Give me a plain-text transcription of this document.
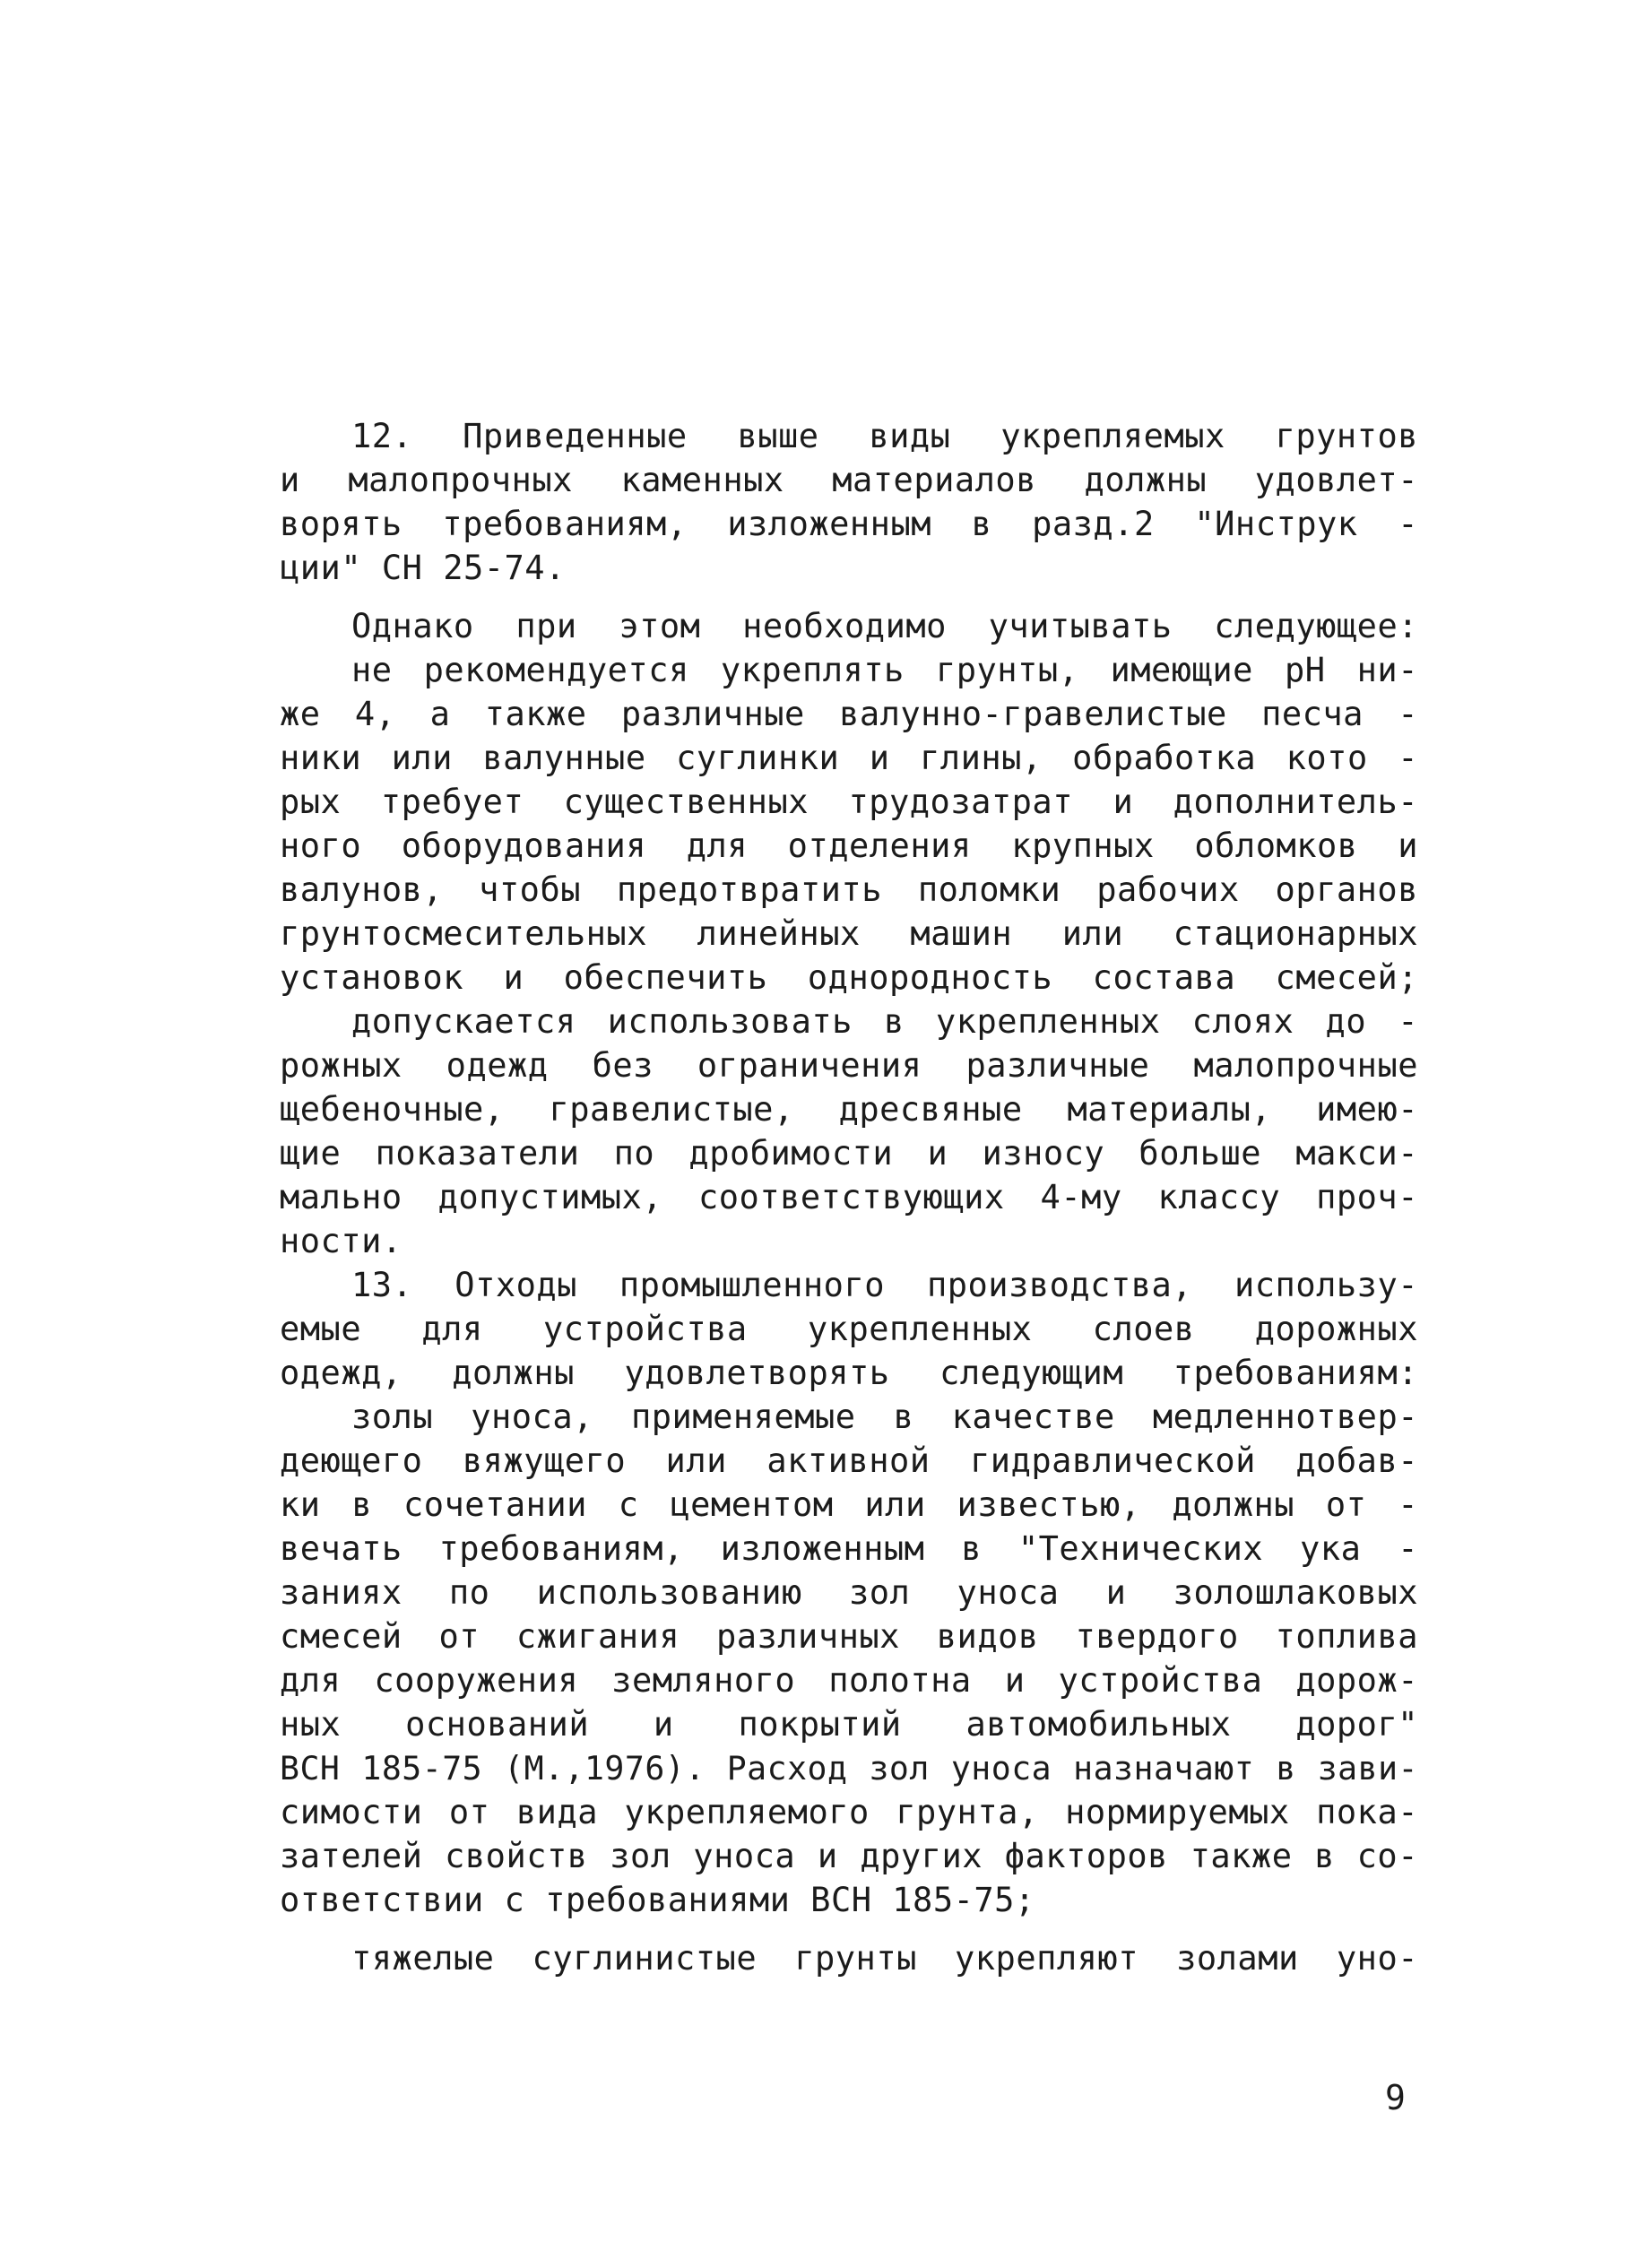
12. Приведенные выше виды укрепляемых грунтов
и малопрочных каменных материалов должны удовлет-
ворять требованиям, изложенным в разд.2 "Инструк -
ции" СН 25-74.
Однако при этом необходимо учитывать следующее:
не рекомендуется укреплять грунты, имеющие рН ни-
же 4, а также различные валунно-гравелистые песча -
ники или валунные суглинки и глины, обработка кото -
рых требует существенных трудозатрат и дополнитель-
ного оборудования для отделения крупных обломков и
валунов, чтобы предотвратить поломки рабочих органов
грунтосмесительных линейных машин или стационарных
установок и обеспечить однородность состава смесей;
допускается использовать в укрепленных слоях до -
рожных одежд без ограничения различные малопрочные
щебеночные, гравелистые, дресвяные материалы, имею-
щие показатели по дробимости и износу больше макси-
мально допустимых, соответствующих 4-му классу проч-
ности.
13. Отходы промышленного производства, использу-
емые для устройства укрепленных слоев дорожных
одежд, должны удовлетворять следующим требованиям:
золы уноса, применяемые в качестве медленнотвер-
деющего вяжущего или активной гидравлической добав-
ки в сочетании с цементом или известью, должны от -
вечать требованиям, изложенным в "Технических ука -
заниях по использованию зол уноса и золошлаковых
смесей от сжигания различных видов твердого топлива
для сооружения земляного полотна и устройства дорож-
ных оснований и покрытий автомобильных дорог"
ВСН 185-75 (М.,1976). Расход зол уноса назначают в зави-
симости от вида укрепляемого грунта, нормируемых пока-
зателей свойств зол уноса и других факторов также в со-
ответствии с требованиями ВСН 185-75;
тяжелые суглинистые грунты укрепляют золами уно-
9
